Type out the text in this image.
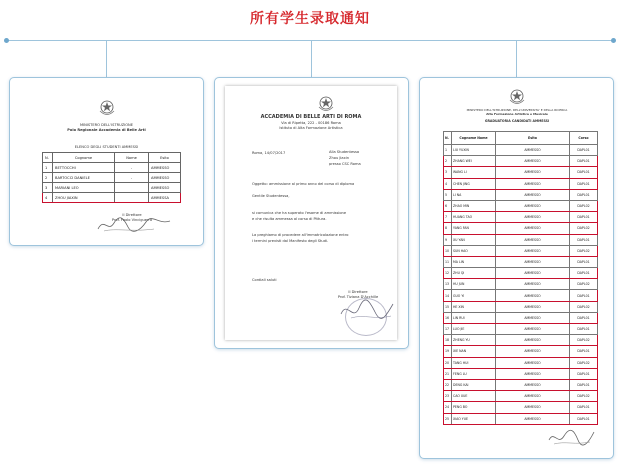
所有学生录取通知
MINISTERO DELL'ISTRUZIONE
Polo Regionale Accademia di Belle Arti
ELENCO DEGLI STUDENTI AMMESSI
N.	Cognome	Nome	Esito
1	BETTOCCHI	-	AMMESSO
2	BARTOCCI DANIELE	-	AMMESSO
3	MARIANI LEO		AMMESSO
4	ZHOU JIAXIN		AMMESSA
Il Direttore
Prof. Paolo Vinciguerra
ACCADEMIA DI BELLE ARTI DI ROMA
Via di Ripetta, 222 - 00186 Roma
Istituto di Alta Formazione Artistica
Roma, 14/07/2017	Alla Studentessa
Zhou Jiaxin
presso CSC Roma
Oggetto: ammissione al primo anno del corso di diploma
Gentile Studentessa,
si comunica che ha superato l'esame di ammissione
e che risulta ammessa al corso di Pittura.
La preghiamo di procedere all'immatricolazione entro
i termini previsti dal Manifesto degli Studi.
Cordiali saluti
Il Direttore
Prof. Tiziana D'Acchille
MINISTERO DELL'ISTRUZIONE, DELL'UNIVERSITA' E DELLA RICERCA
Alta Formazione Artistica e Musicale
GRADUATORIA CANDIDATI AMMESSI
N.	Cognome Nome	Esito	Corso
1	LIU YUXIN	AMMESSO	DAPL01
2	ZHANG WEI	AMMESSO	DAPL01
3	WANG LI	AMMESSO	DAPL01
4	CHEN JING	AMMESSO	DAPL01
5	LI NA	AMMESSO	DAPL01
6	ZHAO MIN	AMMESSO	DAPL02
7	HUANG TAO	AMMESSO	DAPL01
8	YANG FAN	AMMESSO	DAPL02
9	XU YAN	AMMESSO	DAPL01
10	SUN HAO	AMMESSO	DAPL02
11	MA LIN	AMMESSO	DAPL01
12	ZHU QI	AMMESSO	DAPL01
13	HU JUN	AMMESSO	DAPL02
14	GUO YI	AMMESSO	DAPL01
15	HE XIN	AMMESSO	DAPL02
16	LIN RUI	AMMESSO	DAPL01
17	LUO JIE	AMMESSO	DAPL01
18	ZHENG YU	AMMESSO	DAPL02
19	XIE NAN	AMMESSO	DAPL01
20	TANG HUI	AMMESSO	DAPL02
21	FENG LU	AMMESSO	DAPL01
22	DENG KAI	AMMESSO	DAPL01
23	CAO XUE	AMMESSO	DAPL02
24	PENG BO	AMMESSO	DAPL01
25	XIAO YUE	AMMESSO	DAPL01
